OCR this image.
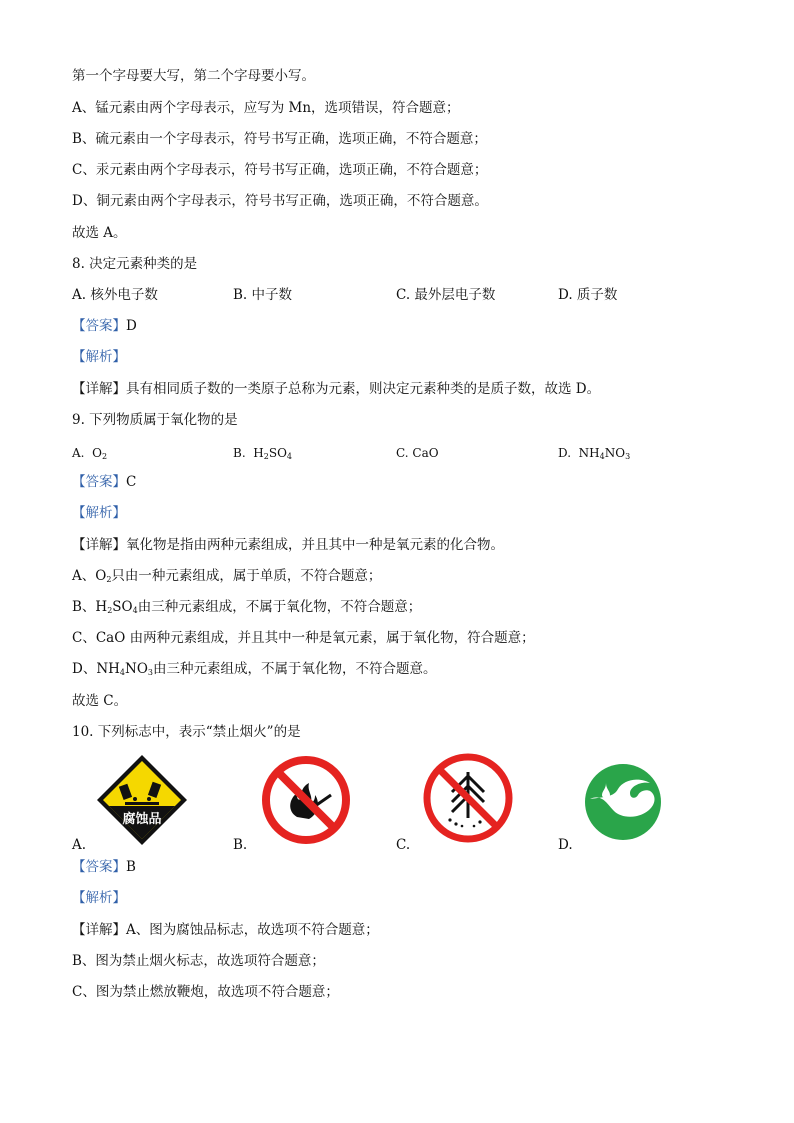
第一个字母要大写，第二个字母要小写。
A、锰元素由两个字母表示，应写为 Mn，选项错误，符合题意；
B、硫元素由一个字母表示，符号书写正确，选项正确，不符合题意；
C、汞元素由两个字母表示，符号书写正确，选项正确，不符合题意；
D、铜元素由两个字母表示，符号书写正确，选项正确，不符合题意。
故选 A。
8. 决定元素种类的是
A. 核外电子数	B. 中子数	C. 最外层电子数	D. 质子数
【答案】D
【解析】
【详解】具有相同质子数的一类原子总称为元素，则决定元素种类的是质子数，故选 D。
9. 下列物质属于氧化物的是
A. $O_2$	B. $H_2SO_4$	C. CaO	D. $NH_4NO_3$
【答案】C
【解析】
【详解】氧化物是指由两种元素组成，并且其中一种是氧元素的化合物。
A、$O_2$只由一种元素组成，属于单质，不符合题意；
B、$H_2SO_4$由三种元素组成，不属于氧化物，不符合题意；
C、CaO 由两种元素组成，并且其中一种是氧元素，属于氧化物，符合题意；
D、$NH_4NO_3$由三种元素组成，不属于氧化物，不符合题意。
故选 C。
10. 下列标志中，表示“禁止烟火”的是
腐蚀品
A.	B.	C.	D.
【答案】B
【解析】
【详解】A、图为腐蚀品标志，故选项不符合题意；
B、图为禁止烟火标志，故选项符合题意；
C、图为禁止燃放鞭炮，故选项不符合题意；
